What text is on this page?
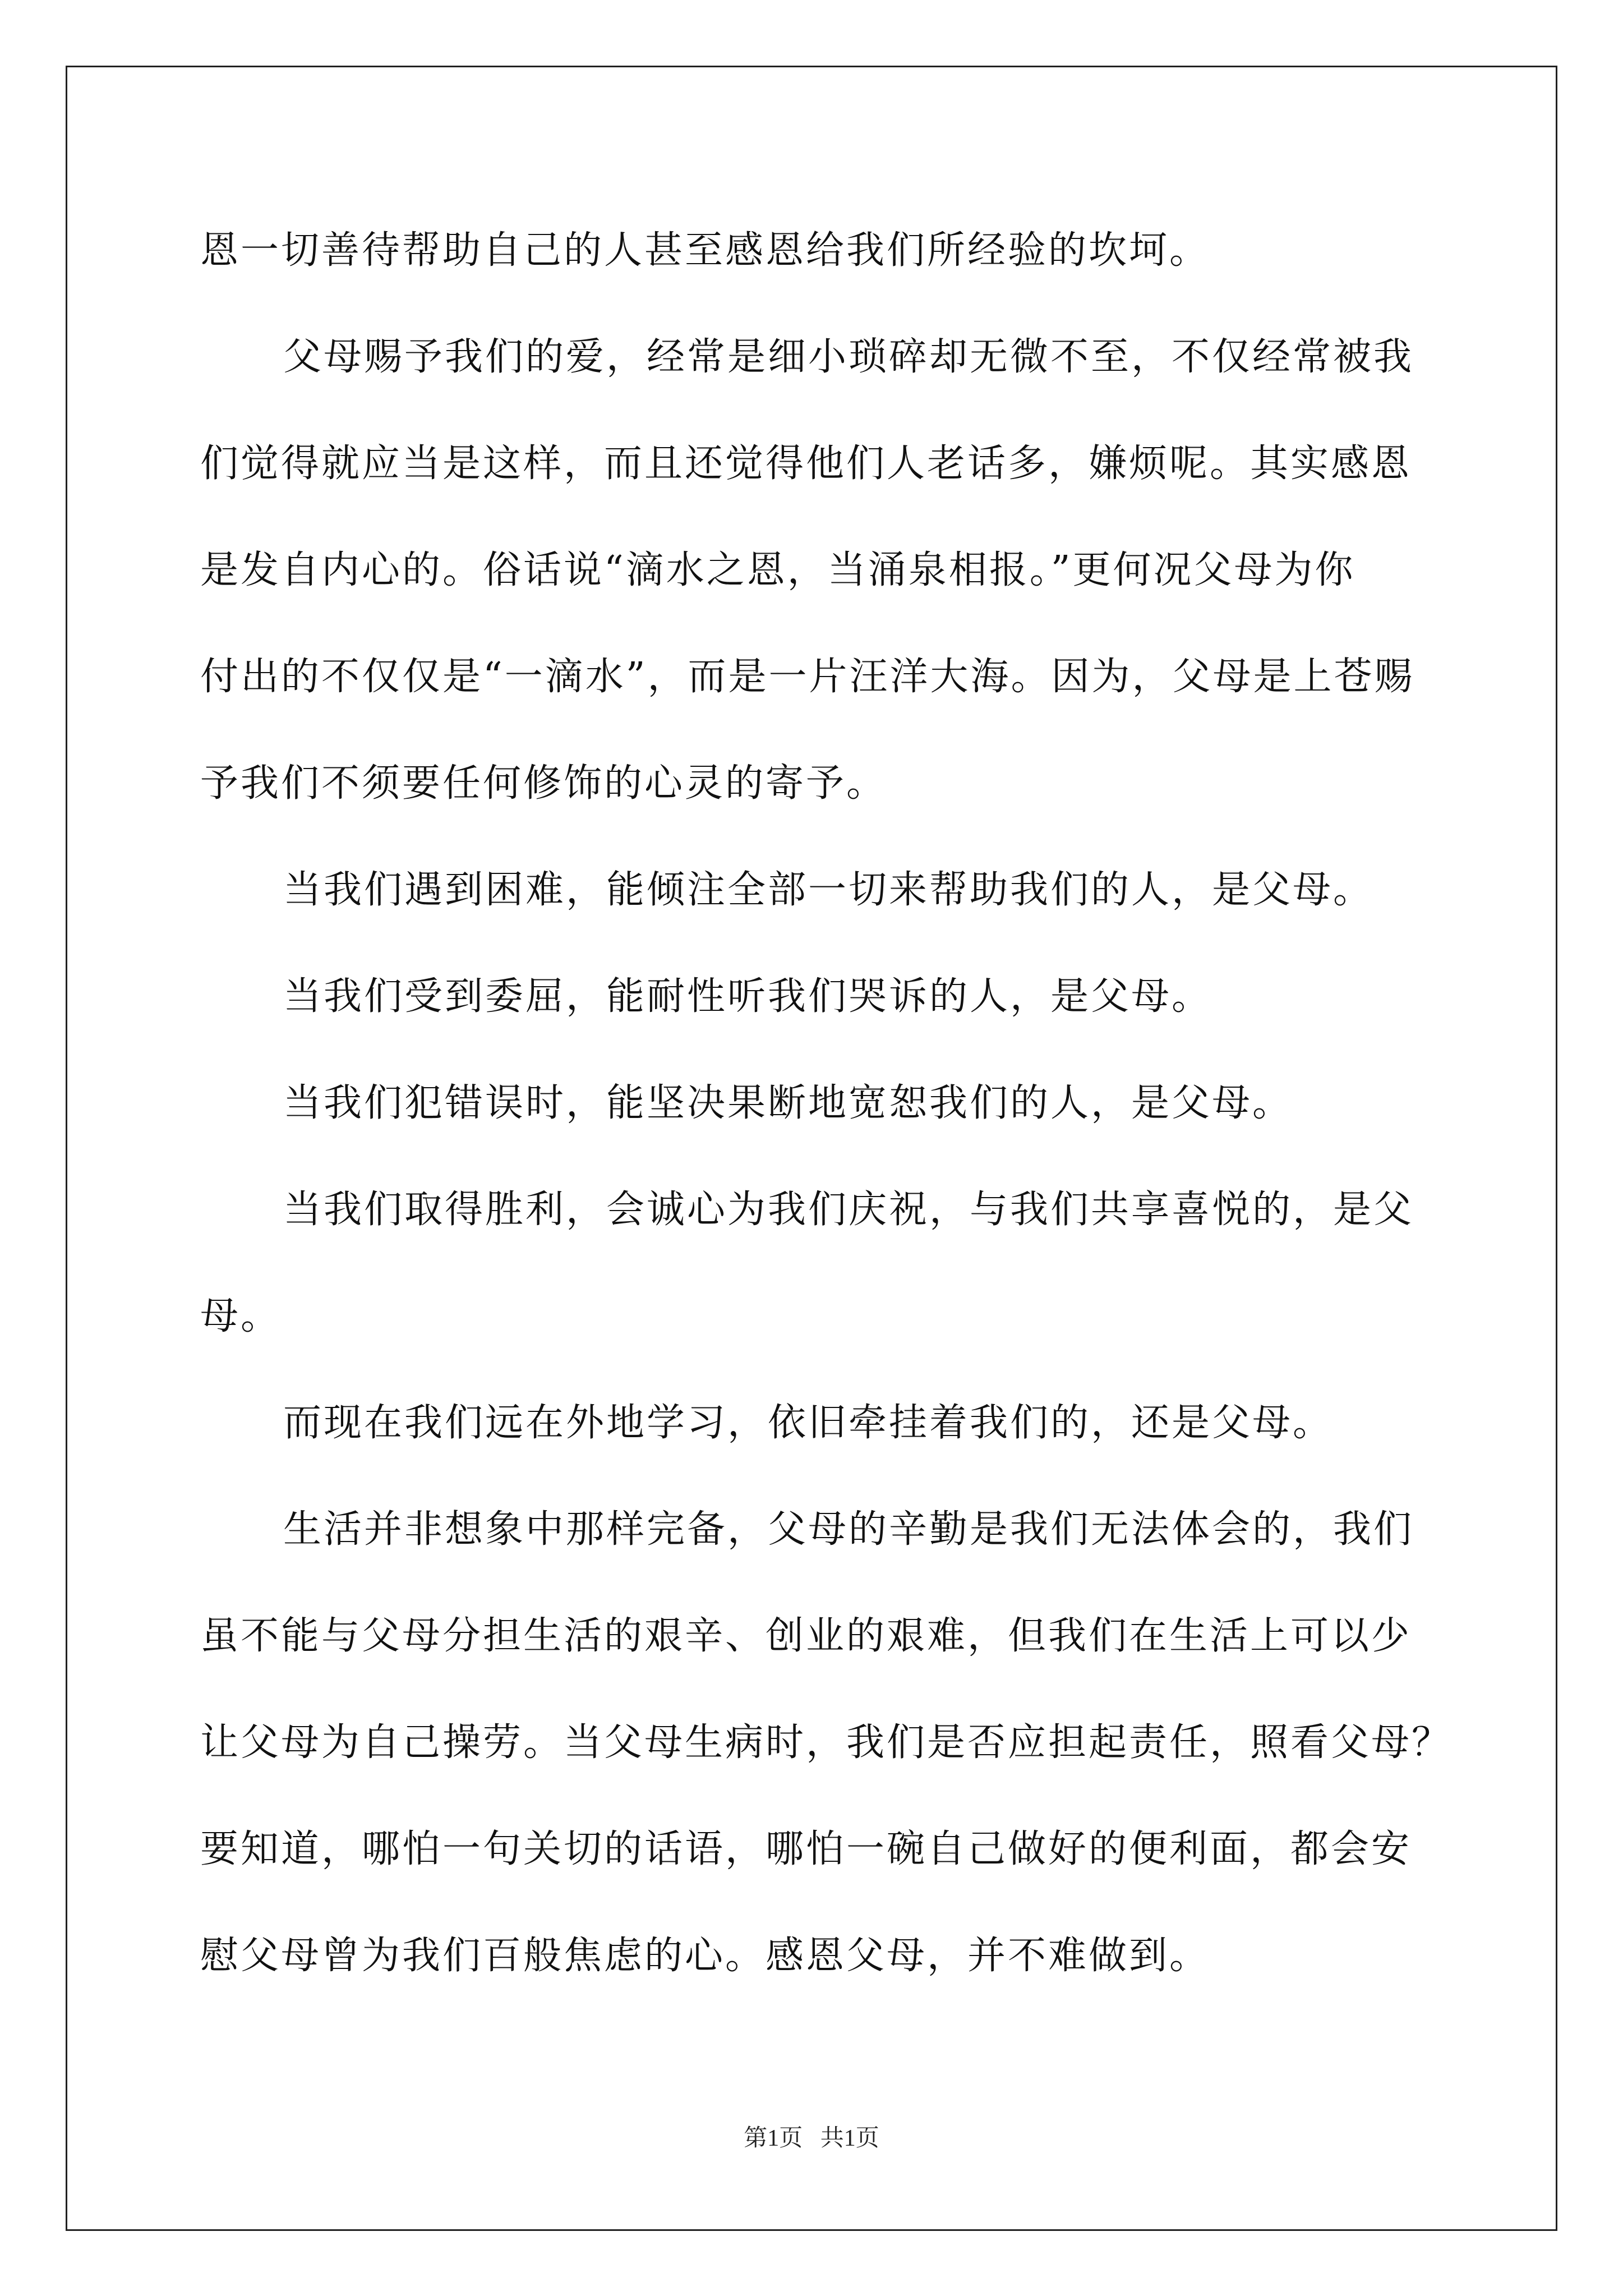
恩一切善待帮助自己的人甚至感恩给我们所经验的坎坷。
父母赐予我们的爱，经常是细小琐碎却无微不至，不仅经常被我
们觉得就应当是这样，而且还觉得他们人老话多，嫌烦呢。其实感恩
是发自内心的。俗话说“滴水之恩，当涌泉相报。”更何况父母为你
付出的不仅仅是“一滴水”，而是一片汪洋大海。因为，父母是上苍赐
予我们不须要任何修饰的心灵的寄予。
当我们遇到困难，能倾注全部一切来帮助我们的人，是父母。
当我们受到委屈，能耐性听我们哭诉的人，是父母。
当我们犯错误时，能坚决果断地宽恕我们的人，是父母。
当我们取得胜利，会诚心为我们庆祝，与我们共享喜悦的，是父
母。
而现在我们远在外地学习，依旧牵挂着我们的，还是父母。
生活并非想象中那样完备，父母的辛勤是我们无法体会的，我们
虽不能与父母分担生活的艰辛、创业的艰难，但我们在生活上可以少
让父母为自己操劳。当父母生病时，我们是否应担起责任，照看父母？
要知道，哪怕一句关切的话语，哪怕一碗自己做好的便利面，都会安
慰父母曾为我们百般焦虑的心。感恩父母，并不难做到。
第1页 共1页
